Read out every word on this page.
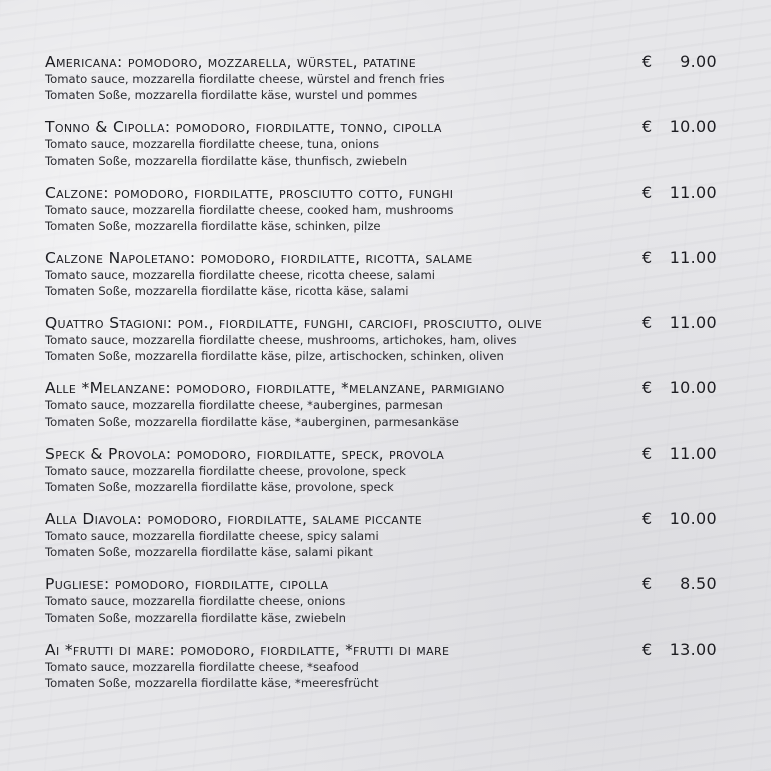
Americana: pomodoro, mozzarella, würstel, patatine
Tomato sauce, mozzarella fiordilatte cheese, würstel and french fries
Tomaten Soße, mozzarella fiordilatte käse, wurstel und pommes
€	9.00
Tonno & Cipolla: pomodoro, fiordilatte, tonno, cipolla
Tomato sauce, mozzarella fiordilatte cheese, tuna, onions
Tomaten Soße, mozzarella fiordilatte käse, thunfisch, zwiebeln
€	10.00
Calzone: pomodoro, fiordilatte, prosciutto cotto, funghi
Tomato sauce, mozzarella fiordilatte cheese, cooked ham, mushrooms
Tomaten Soße, mozzarella fiordilatte käse, schinken, pilze
€	11.00
Calzone Napoletano: pomodoro, fiordilatte, ricotta, salame
Tomato sauce, mozzarella fiordilatte cheese, ricotta cheese, salami
Tomaten Soße, mozzarella fiordilatte käse, ricotta käse, salami
€	11.00
Quattro Stagioni: pom., fiordilatte, funghi, carciofi, prosciutto, olive
Tomato sauce, mozzarella fiordilatte cheese, mushrooms, artichokes, ham, olives
Tomaten Soße, mozzarella fiordilatte käse, pilze, artischocken, schinken, oliven
€	11.00
Alle *Melanzane: pomodoro, fiordilatte, *melanzane, parmigiano
Tomato sauce, mozzarella fiordilatte cheese, *aubergines, parmesan
Tomaten Soße, mozzarella fiordilatte käse, *auberginen, parmesankäse
€	10.00
Speck & Provola: pomodoro, fiordilatte, speck, provola
Tomato sauce, mozzarella fiordilatte cheese, provolone, speck
Tomaten Soße, mozzarella fiordilatte käse, provolone, speck
€	11.00
Alla Diavola: pomodoro, fiordilatte, salame piccante
Tomato sauce, mozzarella fiordilatte cheese, spicy salami
Tomaten Soße, mozzarella fiordilatte käse, salami pikant
€	10.00
Pugliese: pomodoro, fiordilatte, cipolla
Tomato sauce, mozzarella fiordilatte cheese, onions
Tomaten Soße, mozzarella fiordilatte käse, zwiebeln
€	8.50
Ai *frutti di mare: pomodoro, fiordilatte, *frutti di mare
Tomato sauce, mozzarella fiordilatte cheese, *seafood
Tomaten Soße, mozzarella fiordilatte käse, *meeresfrücht
€	13.00
